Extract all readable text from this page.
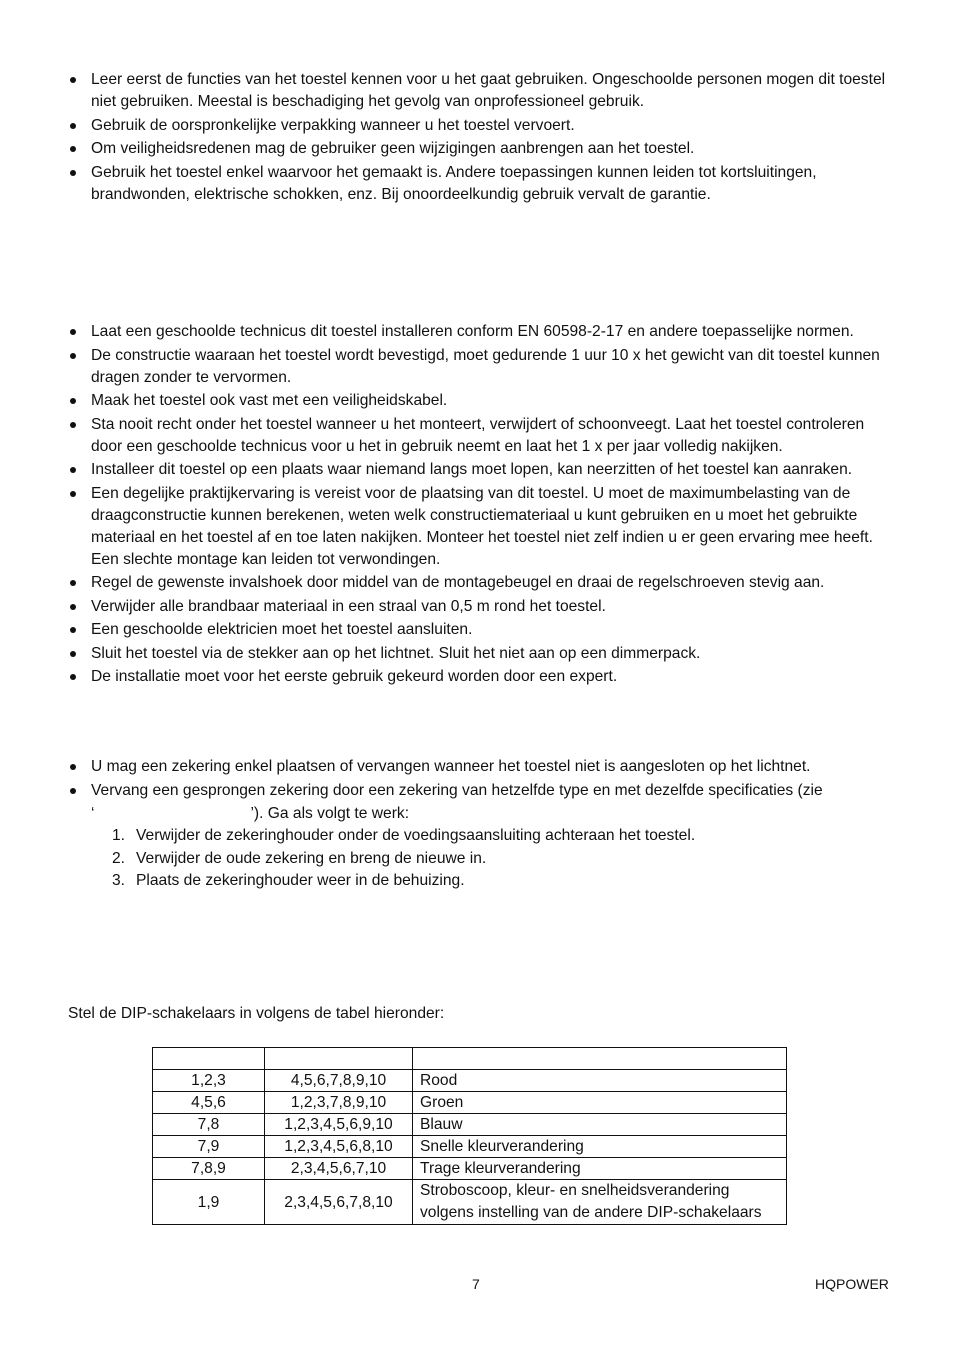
Leer eerst de functies van het toestel kennen voor u het gaat gebruiken. Ongeschoolde personen mogen dit toestel niet gebruiken. Meestal is beschadiging het gevolg van onprofessioneel gebruik.
Gebruik de oorspronkelijke verpakking wanneer u het toestel vervoert.
Om veiligheidsredenen mag de gebruiker geen wijzigingen aanbrengen aan het toestel.
Gebruik het toestel enkel waarvoor het gemaakt is. Andere toepassingen kunnen leiden tot kortsluitingen, brandwonden, elektrische schokken, enz. Bij onoordeelkundig gebruik vervalt de garantie.
Laat een geschoolde technicus dit toestel installeren conform EN 60598-2-17 en andere toepasselijke normen.
De constructie waaraan het toestel wordt bevestigd, moet gedurende 1 uur 10 x het gewicht van dit toestel kunnen dragen zonder te vervormen.
Maak het toestel ook vast met een veiligheidskabel.
Sta nooit recht onder het toestel wanneer u het monteert, verwijdert of schoonveegt. Laat het toestel controleren door een geschoolde technicus voor u het in gebruik neemt en laat het 1 x per jaar volledig nakijken.
Installeer dit toestel op een plaats waar niemand langs moet lopen, kan neerzitten of het toestel kan aanraken.
Een degelijke praktijkervaring is vereist voor de plaatsing van dit toestel. U moet de maximumbelasting van de draagconstructie kunnen berekenen, weten welk constructiemateriaal u kunt gebruiken en u moet het gebruikte materiaal en het toestel af en toe laten nakijken. Monteer het toestel niet zelf indien u er geen ervaring mee heeft. Een slechte montage kan leiden tot verwondingen.
Regel de gewenste invalshoek door middel van de montagebeugel en draai de regelschroeven stevig aan.
Verwijder alle brandbaar materiaal in een straal van 0,5 m rond het toestel.
Een geschoolde elektricien moet het toestel aansluiten.
Sluit het toestel via de stekker aan op het lichtnet. Sluit het niet aan op een dimmerpack.
De installatie moet voor het eerste gebruik gekeurd worden door een expert.
U mag een zekering enkel plaatsen of vervangen wanneer het toestel niet is aangesloten op het lichtnet.
Vervang een gesprongen zekering door een zekering van hetzelfde type en met dezelfde specificaties (zie
‘	’). Ga als volgt te werk:
1. Verwijder de zekeringhouder onder de voedingsaansluiting achteraan het toestel.
2. Verwijder de oude zekering en breng de nieuwe in.
3. Plaats de zekeringhouder weer in de behuizing.
Stel de DIP-schakelaars in volgens de tabel hieronder:

1,2,3	4,5,6,7,8,9,10	Rood
4,5,6	1,2,3,7,8,9,10	Groen
7,8	1,2,3,4,5,6,9,10	Blauw
7,9	1,2,3,4,5,6,8,10	Snelle kleurverandering
7,8,9	2,3,4,5,6,7,10	Trage kleurverandering
1,9	2,3,4,5,6,7,8,10	Stroboscoop, kleur- en snelheidsverandering
volgens instelling van de andere DIP-schakelaars
7	HQPOWER
